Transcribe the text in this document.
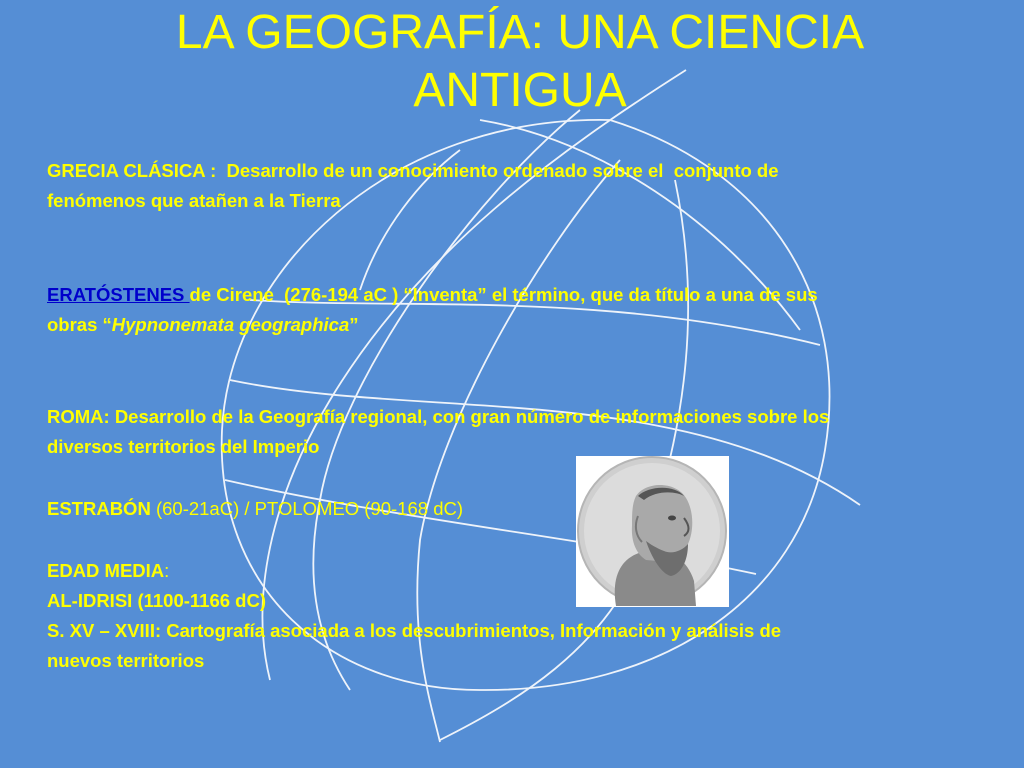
LA GEOGRAFÍA: UNA CIENCIA
ANTIGUA
GRECIA CLÁSICA :  Desarrollo de un conocimiento ordenado sobre el  conjunto de
fenómenos que atañen a la Tierra
ERATÓSTENES de Cirene  (276-194 aC ) “Inventa” el término, que da título a una de sus
obras “Hypnonemata geographica”
ROMA: Desarrollo de la Geografía regional, con gran número de informaciones sobre los
diversos territorios del Imperio
ESTRABÓN (60-21aC) / PTOLOMEO (90-168 dC)
EDAD MEDIA:
AL-IDRISI (1100-1166 dC)
S. XV – XVIII: Cartografía asociada a los descubrimientos, Información y análisis de
nuevos territorios
